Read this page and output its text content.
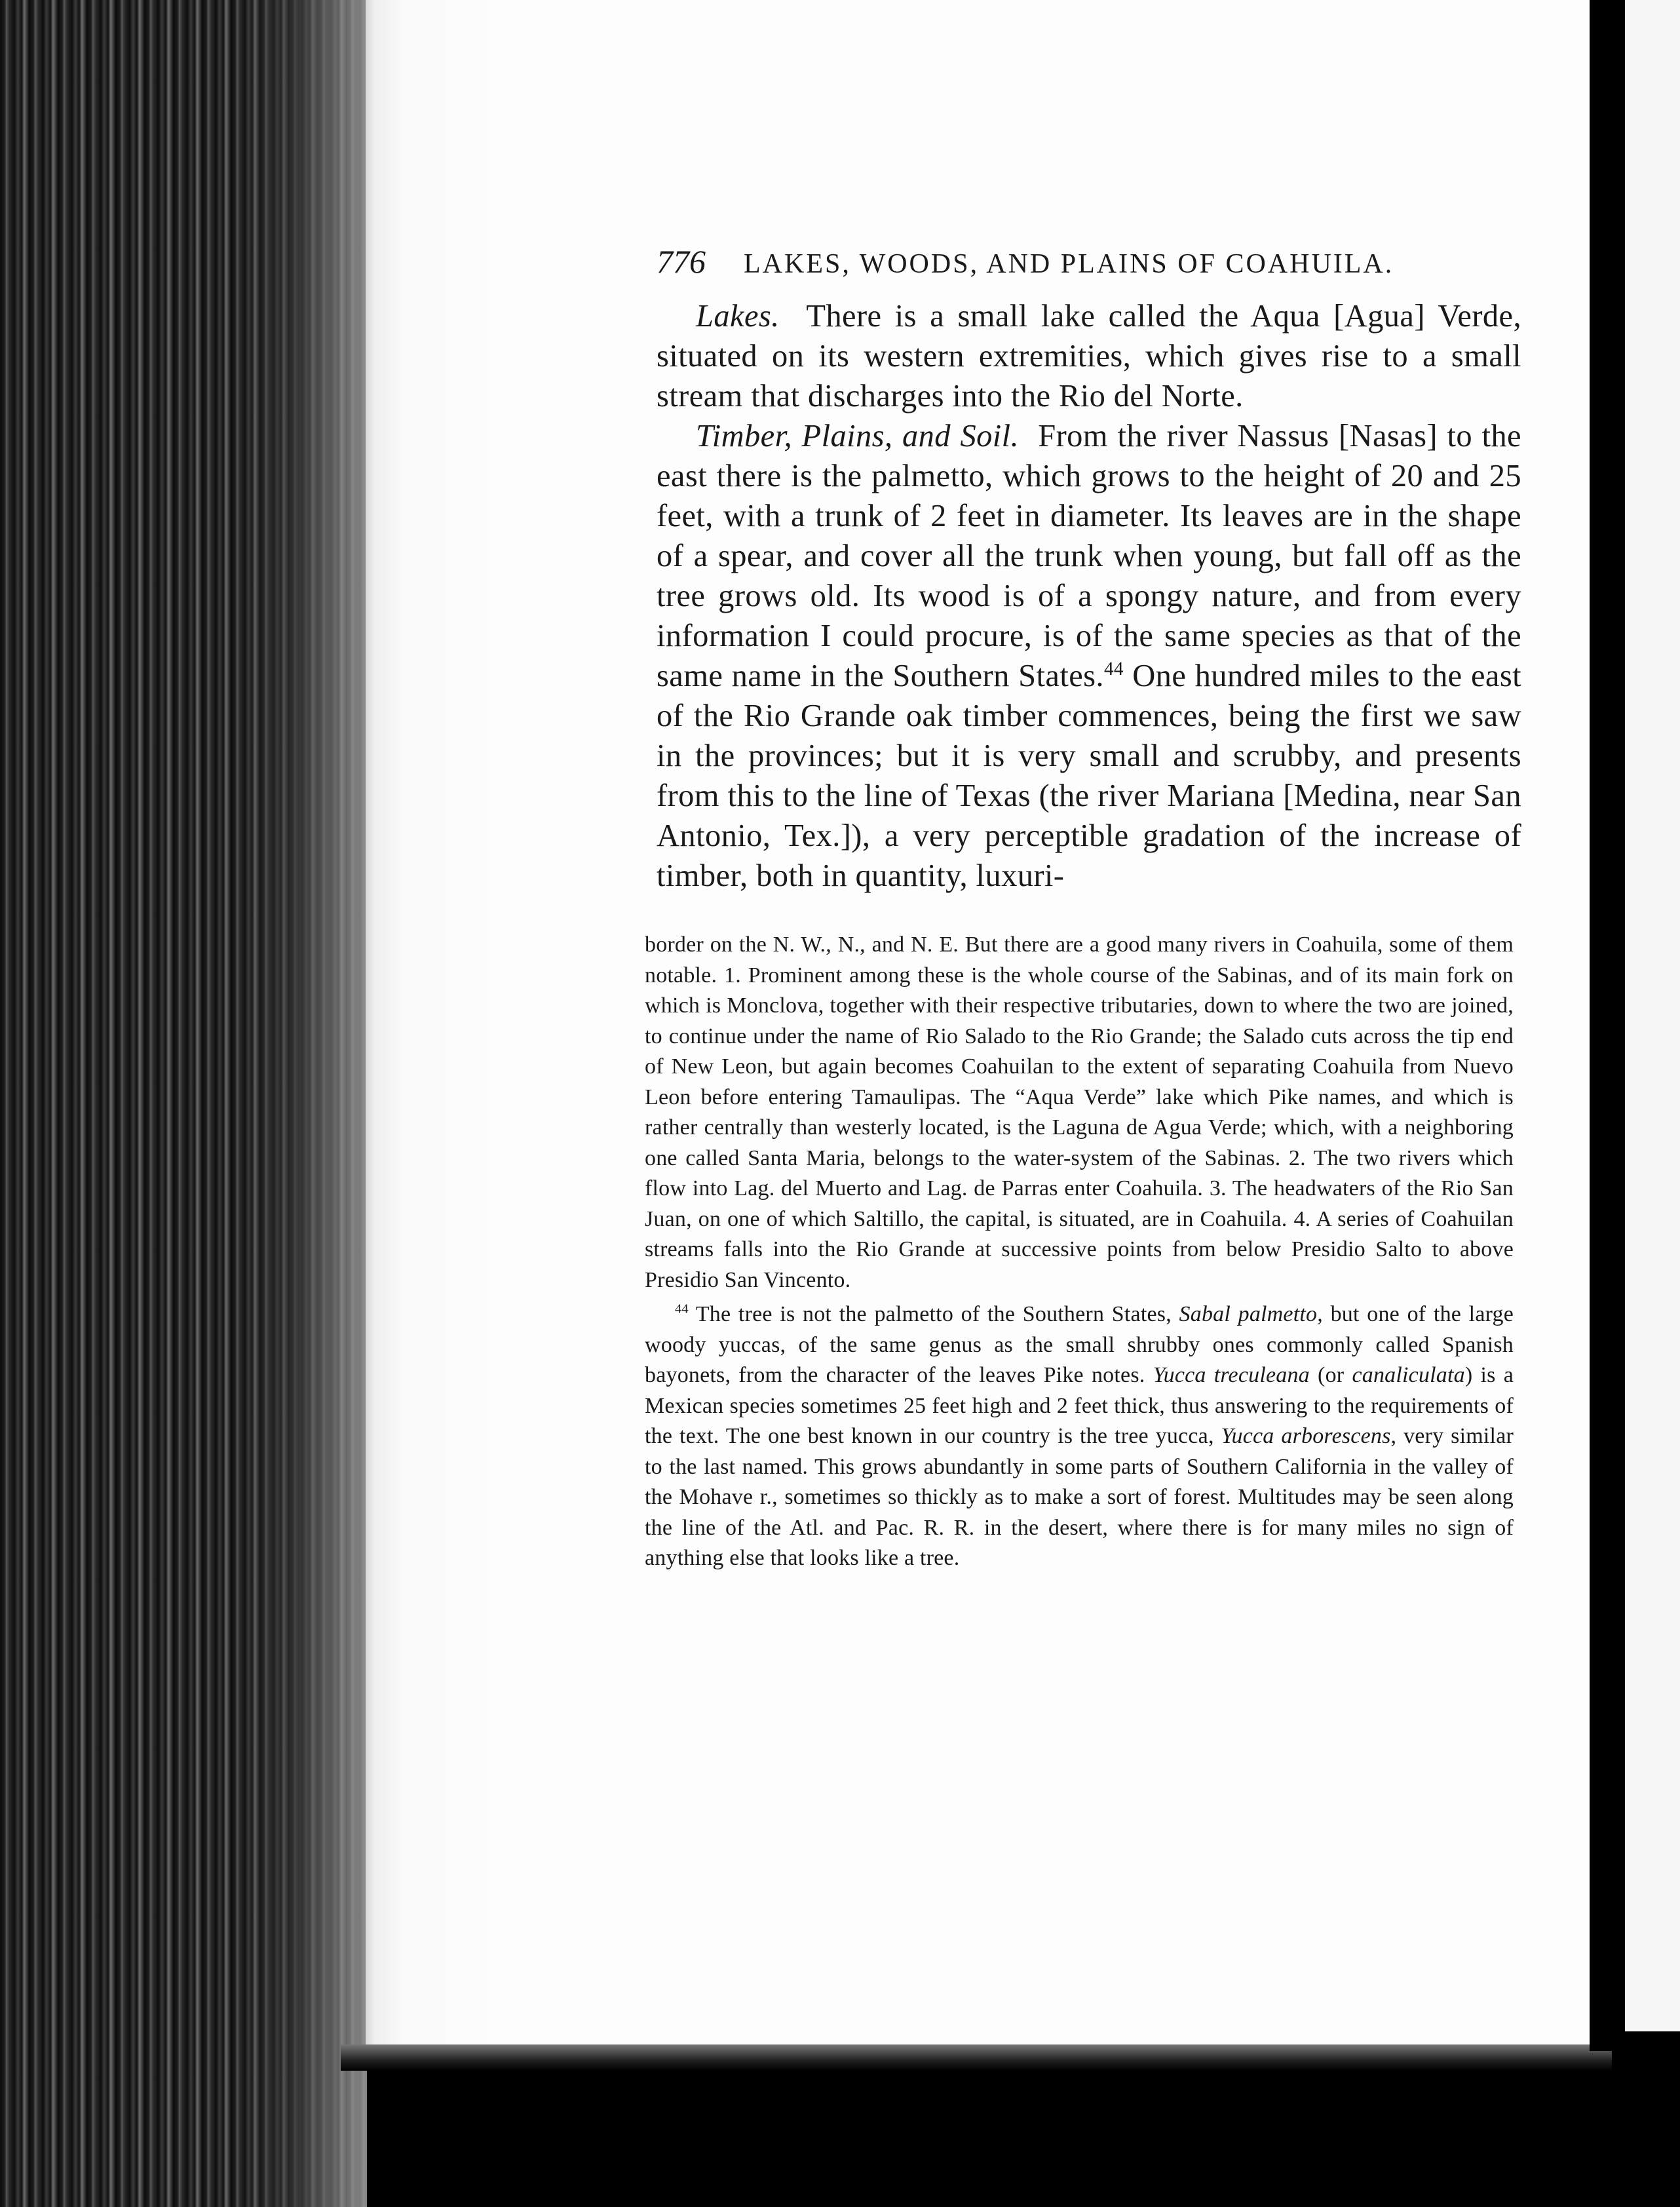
776 LAKES, WOODS, AND PLAINS OF COAHUILA.

Lakes. There is a small lake called the Aqua [Agua] Verde, situated on its western extremities, which gives rise to a small stream that discharges into the Rio del Norte.

Timber, Plains, and Soil. From the river Nassus [Nasas] to the east there is the palmetto, which grows to the height of 20 and 25 feet, with a trunk of 2 feet in diameter. Its leaves are in the shape of a spear, and cover all the trunk when young, but fall off as the tree grows old. Its wood is of a spongy nature, and from every information I could procure, is of the same species as that of the same name in the Southern States.$^{44}$ One hundred miles to the east of the Rio Grande oak timber commences, being the first we saw in the provinces; but it is very small and scrubby, and presents from this to the line of Texas (the river Mariana [Medina, near San Antonio, Tex.]), a very perceptible gradation of the increase of timber, both in quantity, luxuri-

border on the N. W., N., and N. E. But there are a good many rivers in Coahuila, some of them notable. 1. Prominent among these is the whole course of the Sabinas, and of its main fork on which is Monclova, together with their respective tributaries, down to where the two are joined, to continue under the name of Rio Salado to the Rio Grande; the Salado cuts across the tip end of New Leon, but again becomes Coahuilan to the extent of separating Coahuila from Nuevo Leon before entering Tamaulipas. The “Aqua Verde” lake which Pike names, and which is rather centrally than westerly located, is the Laguna de Agua Verde; which, with a neighboring one called Santa Maria, belongs to the water-system of the Sabinas. 2. The two rivers which flow into Lag. del Muerto and Lag. de Parras enter Coahuila. 3. The headwaters of the Rio San Juan, on one of which Saltillo, the capital, is situated, are in Coahuila. 4. A series of Coahuilan streams falls into the Rio Grande at successive points from below Presidio Salto to above Presidio San Vincento.

$^{44}$ The tree is not the palmetto of the Southern States, Sabal palmetto, but one of the large woody yuccas, of the same genus as the small shrubby ones commonly called Spanish bayonets, from the character of the leaves Pike notes. Yucca treculeana (or canaliculata) is a Mexican species sometimes 25 feet high and 2 feet thick, thus answering to the requirements of the text. The one best known in our country is the tree yucca, Yucca arborescens, very similar to the last named. This grows abundantly in some parts of Southern California in the valley of the Mohave r., sometimes so thickly as to make a sort of forest. Multitudes may be seen along the line of the Atl. and Pac. R. R. in the desert, where there is for many miles no sign of anything else that looks like a tree.
